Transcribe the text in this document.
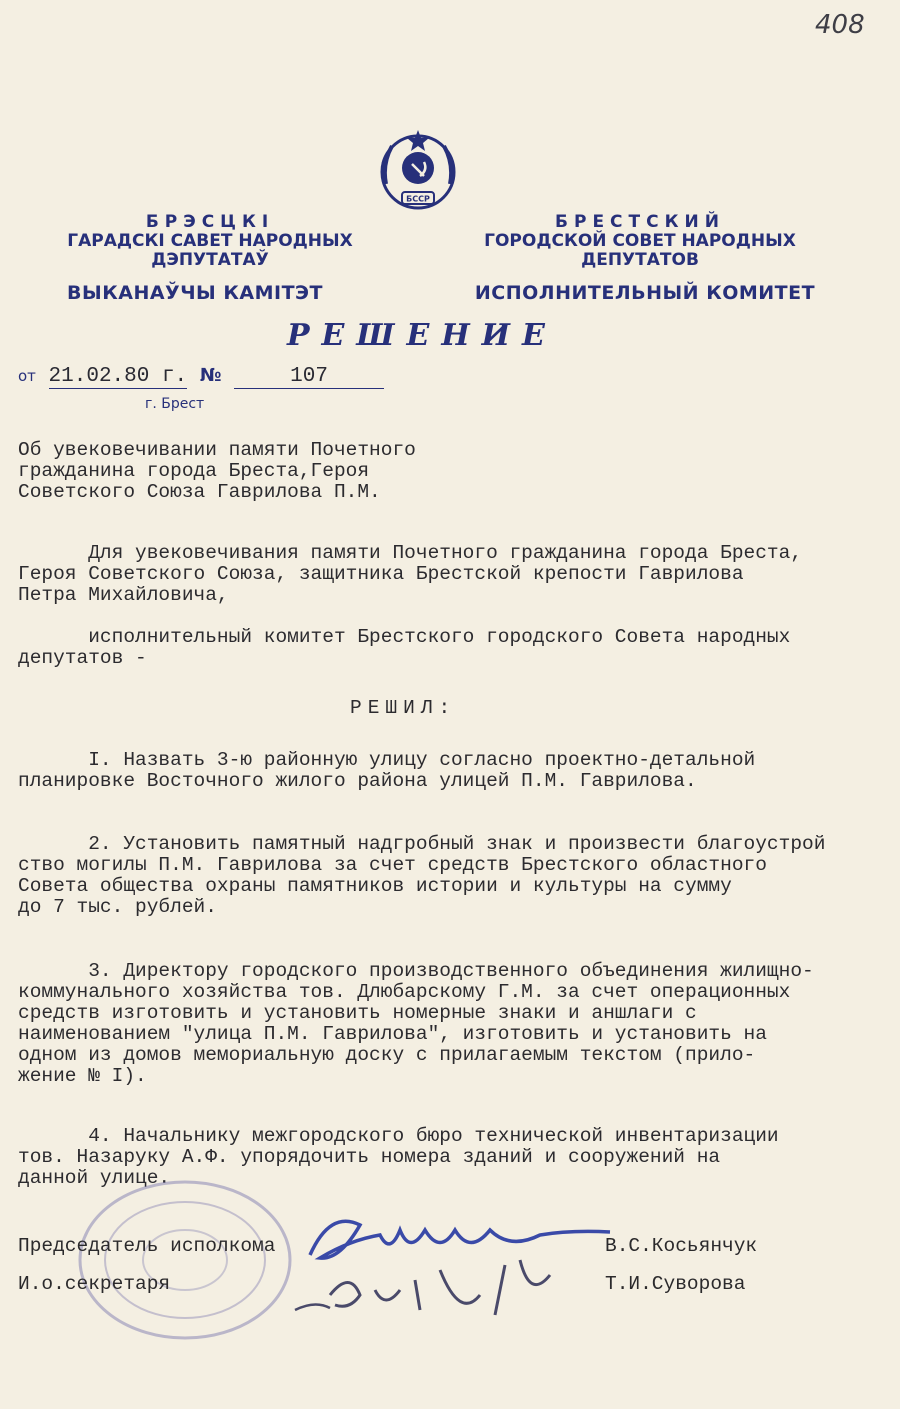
408
БССР
БРЭСЦКІ
ГАРАДСКІ САВЕТ НАРОДНЫХ
ДЭПУТАТАЎ
БРЕСТСКИЙ
ГОРОДСКОЙ СОВЕТ НАРОДНЫХ
ДЕПУТАТОВ
ВЫКАНАЎЧЫ КАМІТЭТ	ИСПОЛНИТЕЛЬНЫЙ КОМИТЕТ
РЕШЕНИЕ
от 21.02.80 г. №	107
г. Брест
Об увековечивании памяти Почетного
гражданина города Бреста,Героя
Советского Союза Гаврилова П.М.
Для увековечивания памяти Почетного гражданина города Бреста,
Героя Советского Союза, защитника Брестской крепости Гаврилова
Петра Михайловича,
исполнительный комитет Брестского городского Совета народных
депутатов -
РЕШИЛ:
I. Назвать 3-ю районную улицу согласно проектно-детальной
планировке Восточного жилого района улицей П.М. Гаврилова.
2. Установить памятный надгробный знак и произвести благоустрой
ство могилы П.М. Гаврилова за счет средств Брестского областного
Совета общества охраны памятников истории и культуры на сумму
до 7 тыс. рублей.
3. Директору городского производственного объединения жилищно-
коммунального хозяйства тов. Длюбарскому Г.М. за счет операционных
средств изготовить и установить номерные знаки и аншлаги с
наименованием "улица П.М. Гаврилова", изготовить и установить на
одном из домов мемориальную доску с прилагаемым текстом (прило-
жение № I).
4. Начальнику межгородского бюро технической инвентаризации
тов. Назаруку А.Ф. упорядочить номера зданий и сооружений на
данной улице.
Председатель исполкома	В.С.Косьянчук
И.о.секретаря	Т.И.Суворова
